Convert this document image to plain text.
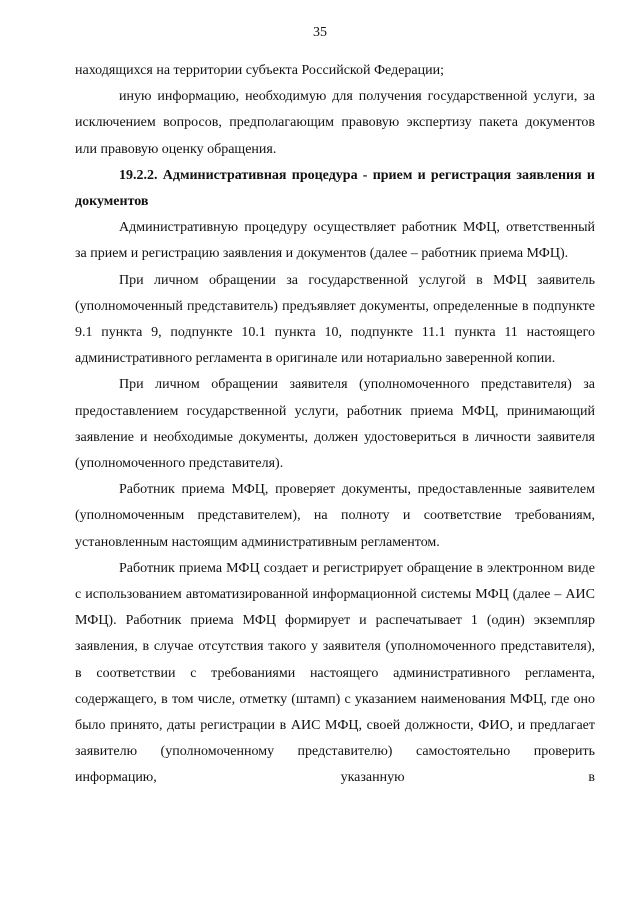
35

находящихся на территории субъекта Российской Федерации;

иную информацию, необходимую для получения государственной услуги, за исключением вопросов, предполагающим правовую экспертизу пакета документов или правовую оценку обращения.

19.2.2. Административная процедура - прием и регистрация заявления и документов

Административную процедуру осуществляет работник МФЦ, ответственный за прием и регистрацию заявления и документов (далее – работник приема МФЦ).

При личном обращении за государственной услугой в МФЦ заявитель (уполномоченный представитель) предъявляет документы, определенные в подпункте 9.1 пункта 9, подпункте 10.1 пункта 10, подпункте 11.1 пункта 11 настоящего административного регламента в оригинале или нотариально заверенной копии.

При личном обращении заявителя (уполномоченного представителя) за предоставлением государственной услуги, работник приема МФЦ, принимающий заявление и необходимые документы, должен удостовериться в личности заявителя (уполномоченного представителя).

Работник приема МФЦ, проверяет документы, предоставленные заявителем (уполномоченным представителем), на полноту и соответствие требованиям, установленным настоящим административным регламентом.

Работник приема МФЦ создает и регистрирует обращение в электронном виде с использованием автоматизированной информационной системы МФЦ (далее – АИС МФЦ). Работник приема МФЦ формирует и распечатывает 1 (один) экземпляр заявления, в случае отсутствия такого у заявителя (уполномоченного представителя), в соответствии с требованиями настоящего административного регламента, содержащего, в том числе, отметку (штамп) с указанием наименования МФЦ, где оно было принято, даты регистрации в АИС МФЦ, своей должности, ФИО, и предлагает заявителю (уполномоченному представителю) самостоятельно проверить информацию, указанную в
